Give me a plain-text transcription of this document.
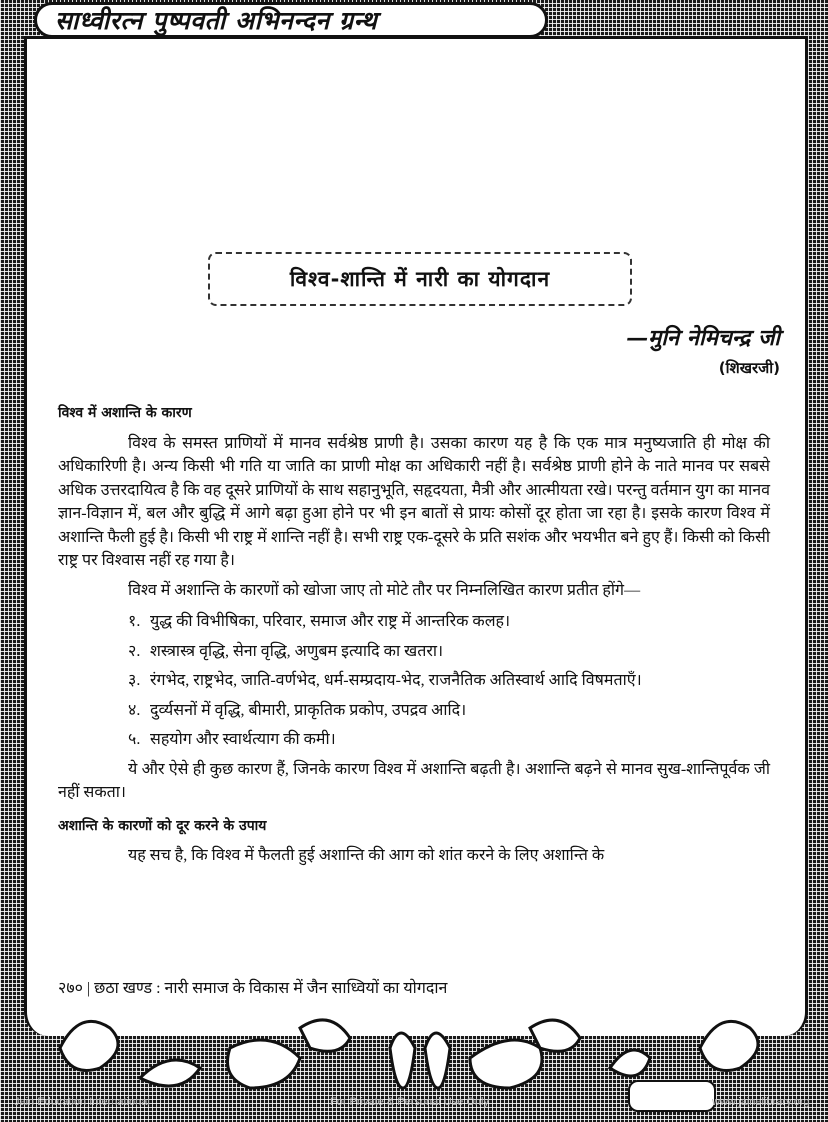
साध्वीरत्न पुष्पवती अभिनन्दन ग्रन्थ
विश्व-शान्ति में नारी का योगदान
—मुनि नेमिचन्द्र जी
(शिखरजी)
विश्व में अशान्ति के कारण

विश्व के समस्त प्राणियों में मानव सर्वश्रेष्ठ प्राणी है। उसका कारण यह है कि एक मात्र मनुष्यजाति ही मोक्ष की अधिकारिणी है। अन्य किसी भी गति या जाति का प्राणी मोक्ष का अधिकारी नहीं है। सर्वश्रेष्ठ प्राणी होने के नाते मानव पर सबसे अधिक उत्तरदायित्व है कि वह दूसरे प्राणियों के साथ सहानुभूति, सहृदयता, मैत्री और आत्मीयता रखे। परन्तु वर्तमान युग का मानव ज्ञान-विज्ञान में, बल और बुद्धि में आगे बढ़ा हुआ होने पर भी इन बातों से प्रायः कोसों दूर होता जा रहा है। इसके कारण विश्व में अशान्ति फैली हुई है। किसी भी राष्ट्र में शान्ति नहीं है। सभी राष्ट्र एक-दूसरे के प्रति सशंक और भयभीत बने हुए हैं। किसी को किसी राष्ट्र पर विश्वास नहीं रह गया है।

विश्व में अशान्ति के कारणों को खोजा जाए तो मोटे तौर पर निम्नलिखित कारण प्रतीत होंगे—

१. युद्ध की विभीषिका, परिवार, समाज और राष्ट्र में आन्तरिक कलह।
२. शस्त्रास्त्र वृद्धि, सेना वृद्धि, अणुबम इत्यादि का खतरा।
३. रंगभेद, राष्ट्रभेद, जाति-वर्णभेद, धर्म-सम्प्रदाय-भेद, राजनैतिक अतिस्वार्थ आदि विषमताएँ।
४. दुर्व्यसनों में वृद्धि, बीमारी, प्राकृतिक प्रकोप, उपद्रव आदि।
५. सहयोग और स्वार्थत्याग की कमी।

ये और ऐसे ही कुछ कारण हैं, जिनके कारण विश्व में अशान्ति बढ़ती है। अशान्ति बढ़ने से मानव सुख-शान्तिपूर्वक जी नहीं सकता।

अशान्ति के कारणों को दूर करने के उपाय

यह सच है, कि विश्व में फैलती हुई अशान्ति की आग को शांत करने के लिए अशान्ति के

२७० | छठा खण्ड : नारी समाज के विकास में जैन साध्वियों का योगदान
Jain Education International	For Private & Personal Use Only	www.jainelibrary.org
